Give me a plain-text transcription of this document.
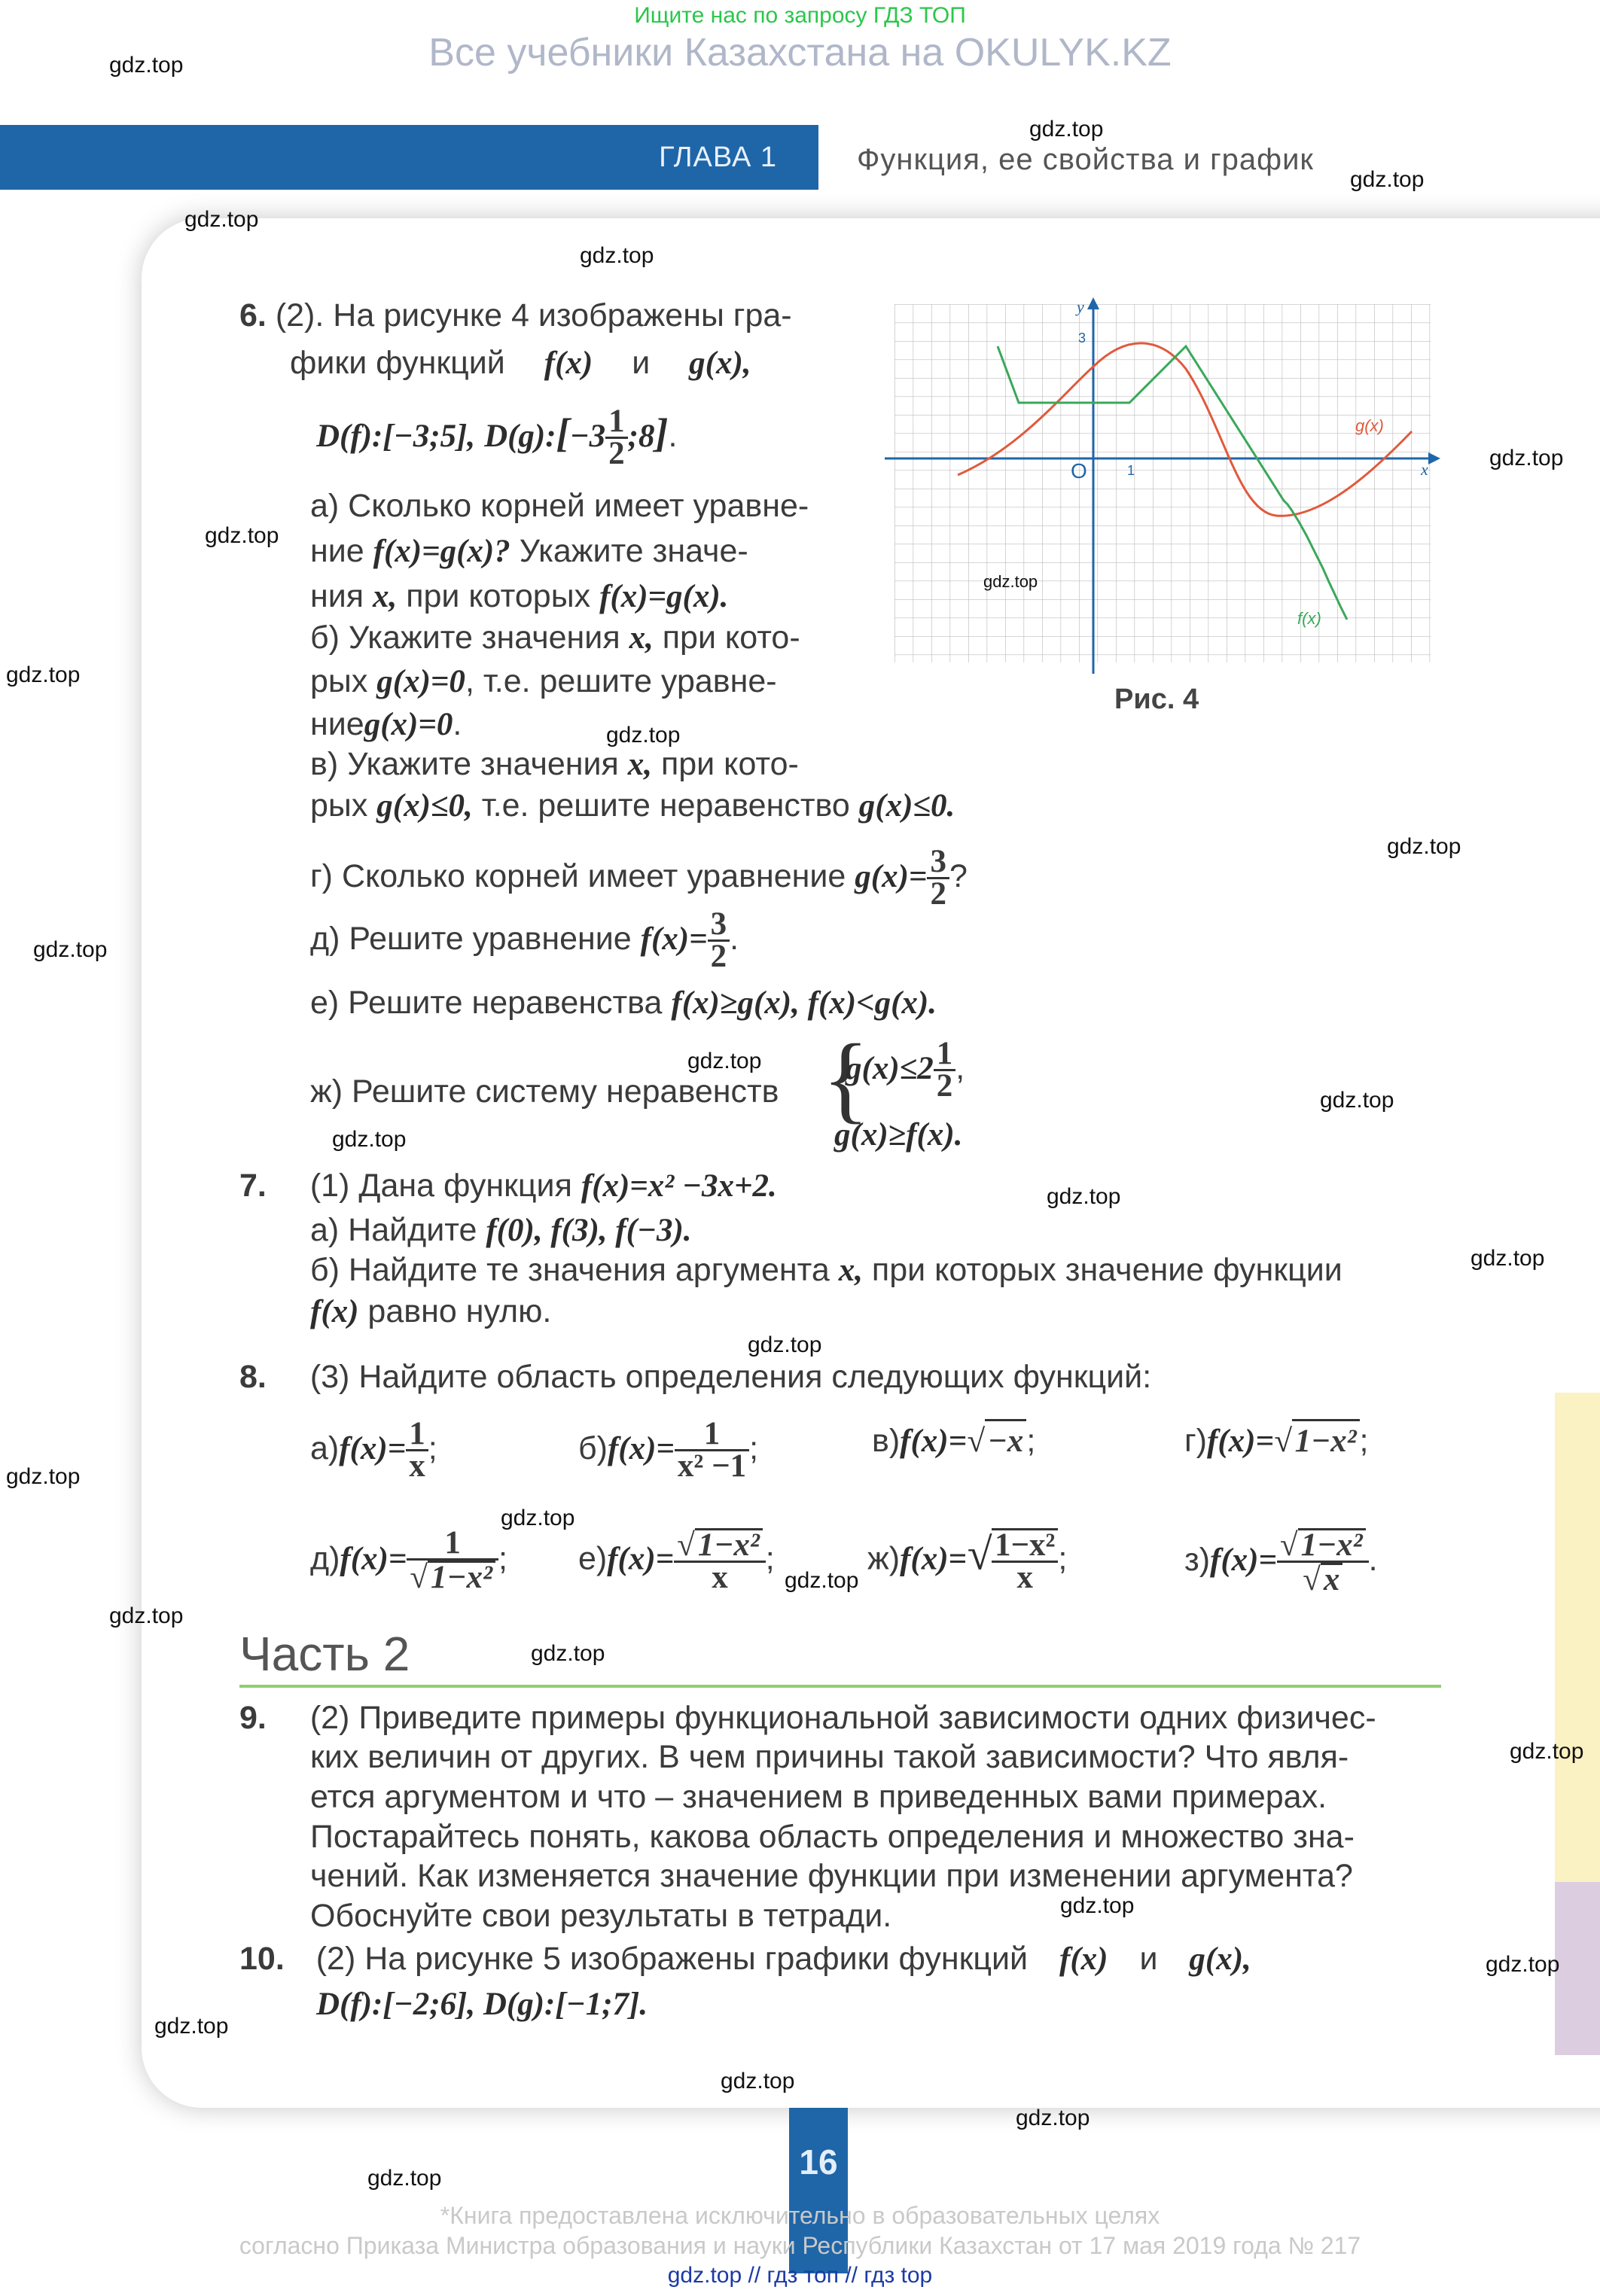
Ищите нас по запросу ГДЗ ТОП
Все учебники Казахстана на OKULYK.KZ
ГЛАВА 1	Функция, ее свойства и график
y
x
O	1
3
g(x)
f(x)
Рис. 4
6. (2). На рисунке 4 изображены гра-
фики функций f(x) и g(x),
D(f):[−3;5], D(g):[−3 $\frac{1}{2}$ ;8].
а) Сколько корней имеет уравне-
ние f(x)=g(x)? Укажите значе-
ния x, при которых f(x)=g(x).
б) Укажите значения x, при кото-
рых g(x)=0, т.е. решите уравне-
ниеg(x)=0.
в) Укажите значения x, при кото-
рых g(x)≤0, т.е. решите неравенство g(x)≤0.
г) Сколько корней имеет уравнение $g(x)= \frac{3}{2}$ ?
д) Решите уравнение $f(x)= \frac{3}{2}$ .
е) Решите неравенства f(x)≥g(x), f(x)<g(x).
ж) Решите систему неравенств {
$g(x)\le 2 \frac{1}{2}$ ,
g(x)≥f(x).
7. (1) Дана функция f(x)=x² −3x+2.
а) Найдите f(0), f(3), f(−3).
б) Найдите те значения аргумента x, при которых значение функции
f(x) равно нулю.
8. (3) Найдите область определения следующих функций:
$а)f(x)= \frac{1}{x}$ ;	$б)f(x)= \frac{1}{\text{x² −1}}$ ;	в)f(x)=√−x;	г)f(x)=√1−x²;
$д)f(x)= \frac{1}{\text{√1−x²}}$ ; $е)f(x)= \frac{\text{√1−x²}}{x}$ ;	$ж)f(x)=√ \frac{\text{1−x²}}{x}$ ;	$з)f(x)= \frac{\text{√1−x²}}{√x}$ .
Часть 2
9. (2) Приведите примеры функциональной зависимости одних физичес-
ких величин от других. В чем причины такой зависимости? Что явля-
ется аргументом и что – значением в приведенных вами примерах.
Постарайтесь понять, какова область определения и множество зна-
чений. Как изменяется значение функции при изменении аргумента?
Обоснуйте свои результаты в тетради.
10. (2) На рисунке 5 изображены графики функций f(x) и g(x),
D(f):[−2;6], D(g):[−1;7].
16
*Книга предоставлена исключительно в образовательных целях
согласно Приказа Министра образования и науки Республики Казахстан от 17 мая 2019 года № 217
gdz.top // гдз топ // гдз top
gdz.top
gdz.top
gdz.top
gdz.top
gdz.top
gdz.top
gdz.top
gdz.top
gdz.top
gdz.top
gdz.top
gdz.top
gdz.top
gdz.top
gdz.top
gdz.top
gdz.top
gdz.top
gdz.top
gdz.top
gdz.top
gdz.top
gdz.top
gdz.top
gdz.top
gdz.top
gdz.top
gdz.top
gdz.top
gdz.top
